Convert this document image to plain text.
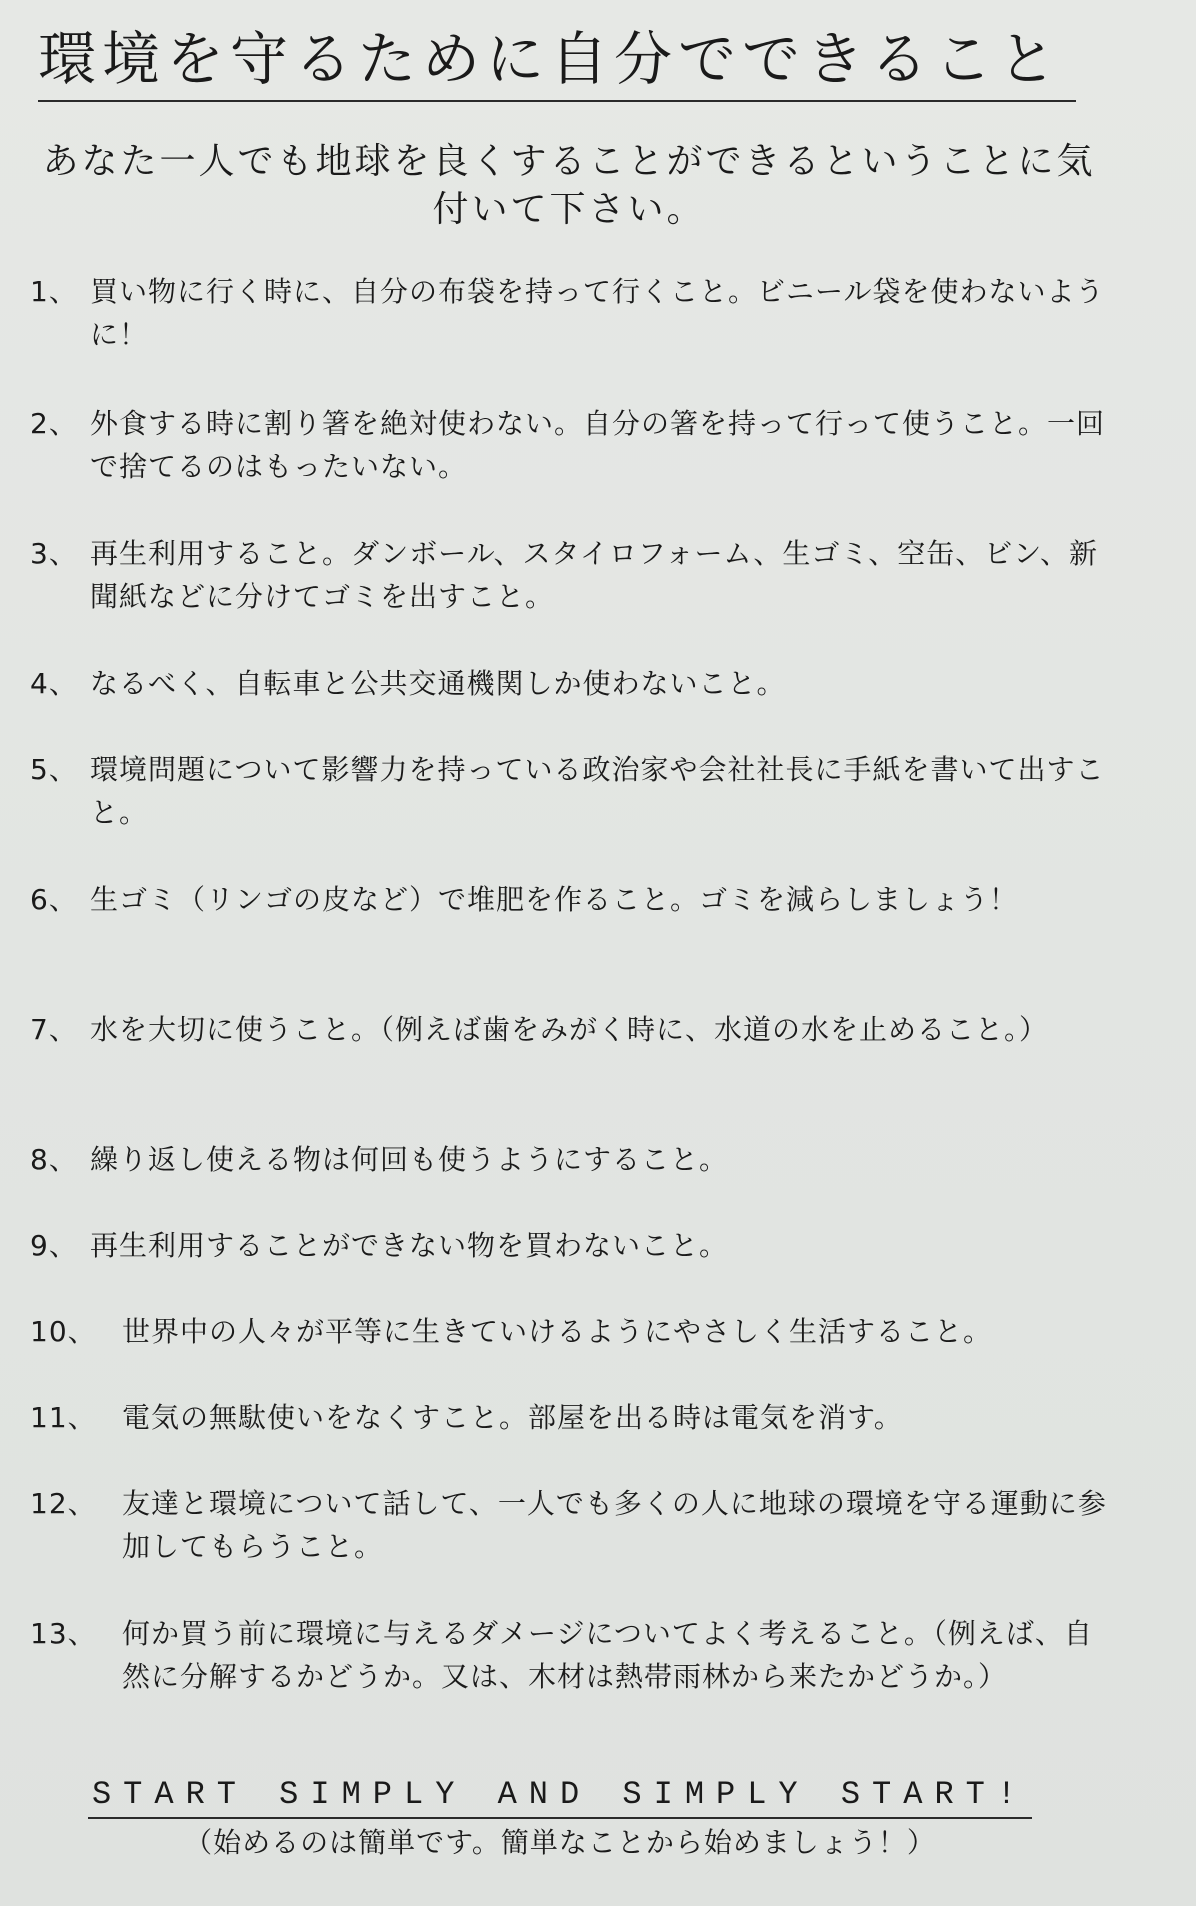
環境を守るために自分でできること
あなた一人でも地球を良くすることができるということに気付いて下さい。
1、 買い物に行く時に、自分の布袋を持って行くこと。ビニール袋を使わないように！
2、 外食する時に割り箸を絶対使わない。自分の箸を持って行って使うこと。一回で捨てるのはもったいない。
3、 再生利用すること。ダンボール、スタイロフォーム、生ゴミ、空缶、ビン、新聞紙などに分けてゴミを出すこと。
4、 なるべく、自転車と公共交通機関しか使わないこと。
5、 環境問題について影響力を持っている政治家や会社社長に手紙を書いて出すこと。
6、 生ゴミ（リンゴの皮など）で堆肥を作ること。ゴミを減らしましょう！
7、 水を大切に使うこと。（例えば歯をみがく時に、水道の水を止めること。）
8、 繰り返し使える物は何回も使うようにすること。
9、 再生利用することができない物を買わないこと。
10、 世界中の人々が平等に生きていけるようにやさしく生活すること。
11、 電気の無駄使いをなくすこと。部屋を出る時は電気を消す。
12、 友達と環境について話して、一人でも多くの人に地球の環境を守る運動に参加してもらうこと。
13、 何か買う前に環境に与えるダメージについてよく考えること。（例えば、自然に分解するかどうか。又は、木材は熱帯雨林から来たかどうか。）
START SIMPLY AND SIMPLY START!
（始めるのは簡単です。簡単なことから始めましょう！）
